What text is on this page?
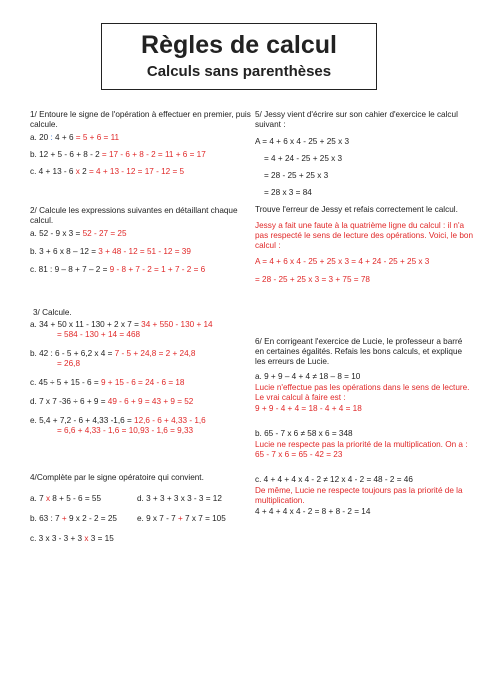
Règles de calcul
Calculs sans parenthèses
1/ Entoure le signe de l'opération à effectuer en premier, puis calcule.
a. 20 : 4 + 6 = 5 + 6 = 11
b. 12 + 5 - 6 + 8 - 2 = 17 - 6 + 8 - 2 = 11 + 6 = 17
c. 4 + 13 - 6 x 2 = 4 + 13 - 12 = 17 - 12 = 5
2/ Calcule les expressions suivantes en détaillant chaque calcul.
a. 52 - 9 x 3 = 52 - 27 = 25
b. 3 + 6 x 8 – 12 = 3 + 48 - 12 = 51 - 12 = 39
c. 81 : 9 – 8 + 7 – 2 = 9 - 8 + 7 - 2 = 1 + 7 - 2 = 6
3/ Calcule.
a. 34 + 50 x 11 - 130 + 2 x 7 = 34 + 550 - 130 + 14
= 584 - 130 + 14 = 468
b. 42 : 6 - 5 + 6,2 x 4 = 7 - 5 + 24,8 = 2 + 24,8
= 26,8
c. 45 ÷ 5 + 15 - 6 = 9 + 15 - 6 = 24 - 6 = 18
d. 7 x 7 -36 ÷ 6 + 9 = 49 - 6 + 9 = 43 + 9 = 52
e. 5,4 + 7,2 - 6 + 4,33 -1,6 = 12,6 - 6 + 4,33 - 1,6
= 6,6 + 4,33 - 1,6 = 10,93 - 1,6 = 9,33
4/Complète par le signe opératoire qui convient.
a. 7 x 8 + 5 - 6 = 55	d. 3 + 3 + 3 x 3 - 3 = 12
b. 63 : 7 + 9 x 2 - 2 = 25 e. 9 x 7 - 7 + 7 x 7 = 105
c. 3 x 3 - 3 + 3 x 3 = 15
5/ Jessy vient d'écrire sur son cahier d'exercice le calcul suivant :
A = 4 + 6 x 4 - 25 + 25 x 3
= 4 + 24 - 25 + 25 x 3
= 28 - 25 + 25 x 3
= 28 x 3 = 84
Trouve l'erreur de Jessy et refais correctement le calcul.
Jessy a fait une faute à la quatrième ligne du calcul : il n'a pas respecté le sens de lecture des opérations. Voici, le bon calcul :
A = 4 + 6 x 4 - 25 + 25 x 3 = 4 + 24 - 25 + 25 x 3
= 28 - 25 + 25 x 3 = 3 + 75 = 78
6/ En corrigeant l'exercice de Lucie, le professeur a barré en certaines égalités. Refais les bons calculs, et explique les erreurs de Lucie.
a. 9 + 9 – 4 + 4 ≠ 18 – 8 = 10
Lucie n'effectue pas les opérations dans le sens de lecture. Le vrai calcul à faire est :
9 + 9 - 4 + 4 = 18 - 4 + 4 = 18
b. 65 - 7 x 6 ≠ 58 x 6 = 348
Lucie ne respecte pas la priorité de la multiplication. On a : 65 - 7 x 6 = 65 - 42 = 23
c. 4 + 4 + 4 x 4 - 2 ≠ 12 x 4 - 2 = 48 - 2 = 46
De même, Lucie ne respecte toujours pas la priorité de la multiplication.
4 + 4 + 4 x 4 - 2 = 8 + 8 - 2 = 14
